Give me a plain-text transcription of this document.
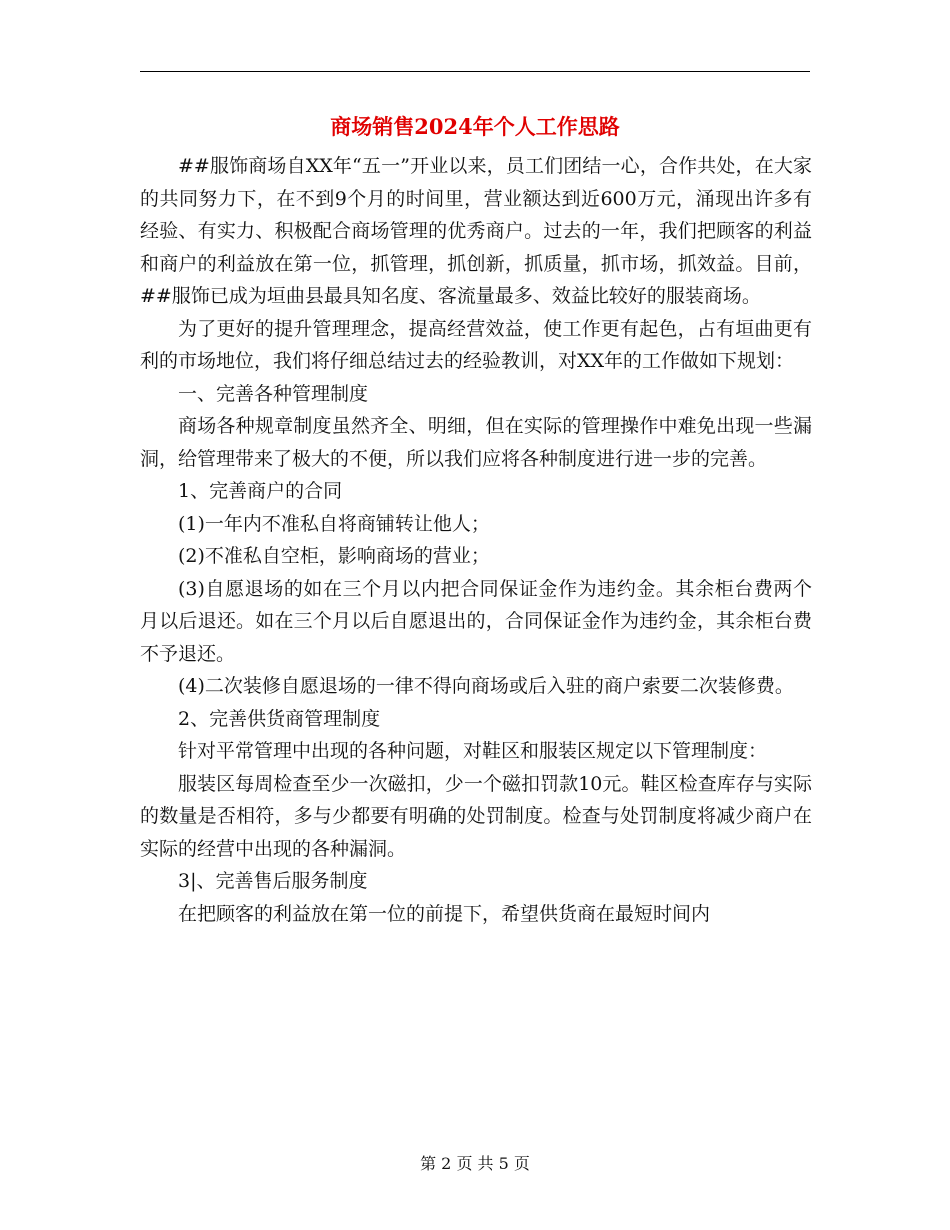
商场销售2024年个人工作思路

##服饰商场自XX年“五一”开业以来，员工们团结一心，合作共处，在大家的共同努力下，在不到9个月的时间里，营业额达到近600万元，涌现出许多有经验、有实力、积极配合商场管理的优秀商户。过去的一年，我们把顾客的利益和商户的利益放在第一位，抓管理，抓创新，抓质量，抓市场，抓效益。目前，##服饰已成为垣曲县最具知名度、客流量最多、效益比较好的服装商场。

为了更好的提升管理理念，提高经营效益，使工作更有起色，占有垣曲更有利的市场地位，我们将仔细总结过去的经验教训，对XX年的工作做如下规划：

一、完善各种管理制度

商场各种规章制度虽然齐全、明细，但在实际的管理操作中难免出现一些漏洞，给管理带来了极大的不便，所以我们应将各种制度进行进一步的完善。

1、完善商户的合同

(1)一年内不准私自将商铺转让他人；

(2)不准私自空柜，影响商场的营业；

(3)自愿退场的如在三个月以内把合同保证金作为违约金。其余柜台费两个月以后退还。如在三个月以后自愿退出的，合同保证金作为违约金，其余柜台费不予退还。

(4)二次装修自愿退场的一律不得向商场或后入驻的商户索要二次装修费。

2、完善供货商管理制度

针对平常管理中出现的各种问题，对鞋区和服装区规定以下管理制度：

服装区每周检查至少一次磁扣，少一个磁扣罚款10元。鞋区检查库存与实际的数量是否相符，多与少都要有明确的处罚制度。检查与处罚制度将减少商户在实际的经营中出现的各种漏洞。

3|、完善售后服务制度

在把顾客的利益放在第一位的前提下，希望供货商在最短时间内

第 2 页 共 5 页
